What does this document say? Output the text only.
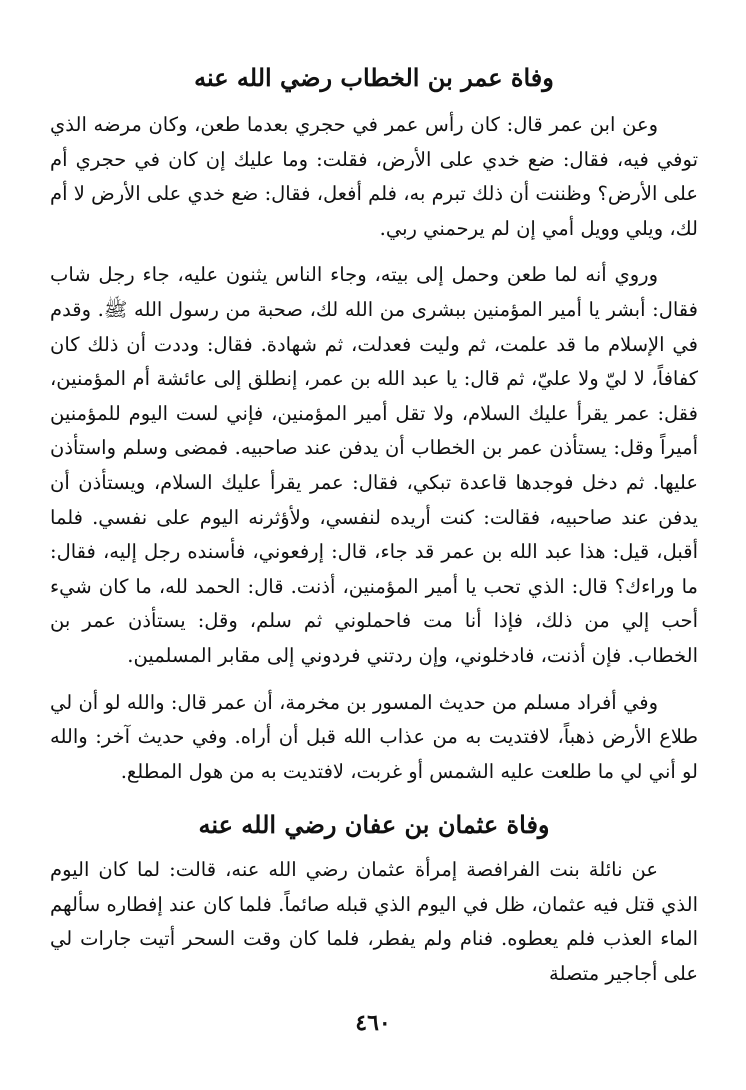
وفاة عمر بن الخطاب رضي الله عنه

وعن ابن عمر قال: كان رأس عمر في حجري بعدما طعن، وكان مرضه الذي توفي فيه، فقال: ضع خدي على الأرض، فقلت: وما عليك إن كان في حجري أم على الأرض؟ وظننت أن ذلك تبرم به، فلم أفعل، فقال: ضع خدي على الأرض لا أم لك، ويلي وويل أمي إن لم يرحمني ربي.

وروي أنه لما طعن وحمل إلى بيته، وجاء الناس يثنون عليه، جاء رجل شاب فقال: أبشر يا أمير المؤمنين ببشرى من الله لك، صحبة من رسول الله ﷺ. وقدم في الإسلام ما قد علمت، ثم وليت فعدلت، ثم شهادة. فقال: وددت أن ذلك كان كفافاً، لا ليّ ولا عليّ، ثم قال: يا عبد الله بن عمر، إنطلق إلى عائشة أم المؤمنين، فقل: عمر يقرأ عليك السلام، ولا تقل أمير المؤمنين، فإني لست اليوم للمؤمنين أميراً وقل: يستأذن عمر بن الخطاب أن يدفن عند صاحبيه. فمضى وسلم واستأذن عليها. ثم دخل فوجدها قاعدة تبكي، فقال: عمر يقرأ عليك السلام، ويستأذن أن يدفن عند صاحبيه، فقالت: كنت أريده لنفسي، ولأؤثرنه اليوم على نفسي. فلما أقبل، قيل: هذا عبد الله بن عمر قد جاء، قال: إرفعوني، فأسنده رجل إليه، فقال: ما وراءك؟ قال: الذي تحب يا أمير المؤمنين، أذنت. قال: الحمد لله، ما كان شيء أحب إلي من ذلك، فإذا أنا مت فاحملوني ثم سلم، وقل: يستأذن عمر بن الخطاب. فإن أذنت، فادخلوني، وإن ردتني فردوني إلى مقابر المسلمين.

وفي أفراد مسلم من حديث المسور بن مخرمة، أن عمر قال: والله لو أن لي طلاع الأرض ذهباً، لافتديت به من عذاب الله قبل أن أراه. وفي حديث آخر: والله لو أني لي ما طلعت عليه الشمس أو غربت، لافتديت به من هول المطلع.

وفاة عثمان بن عفان رضي الله عنه

عن نائلة بنت الفرافصة إمرأة عثمان رضي الله عنه، قالت: لما كان اليوم الذي قتل فيه عثمان، ظل في اليوم الذي قبله صائماً. فلما كان عند إفطاره سألهم الماء العذب فلم يعطوه. فنام ولم يفطر، فلما كان وقت السحر أتيت جارات لي على أجاجير متصلة

٤٦٠
